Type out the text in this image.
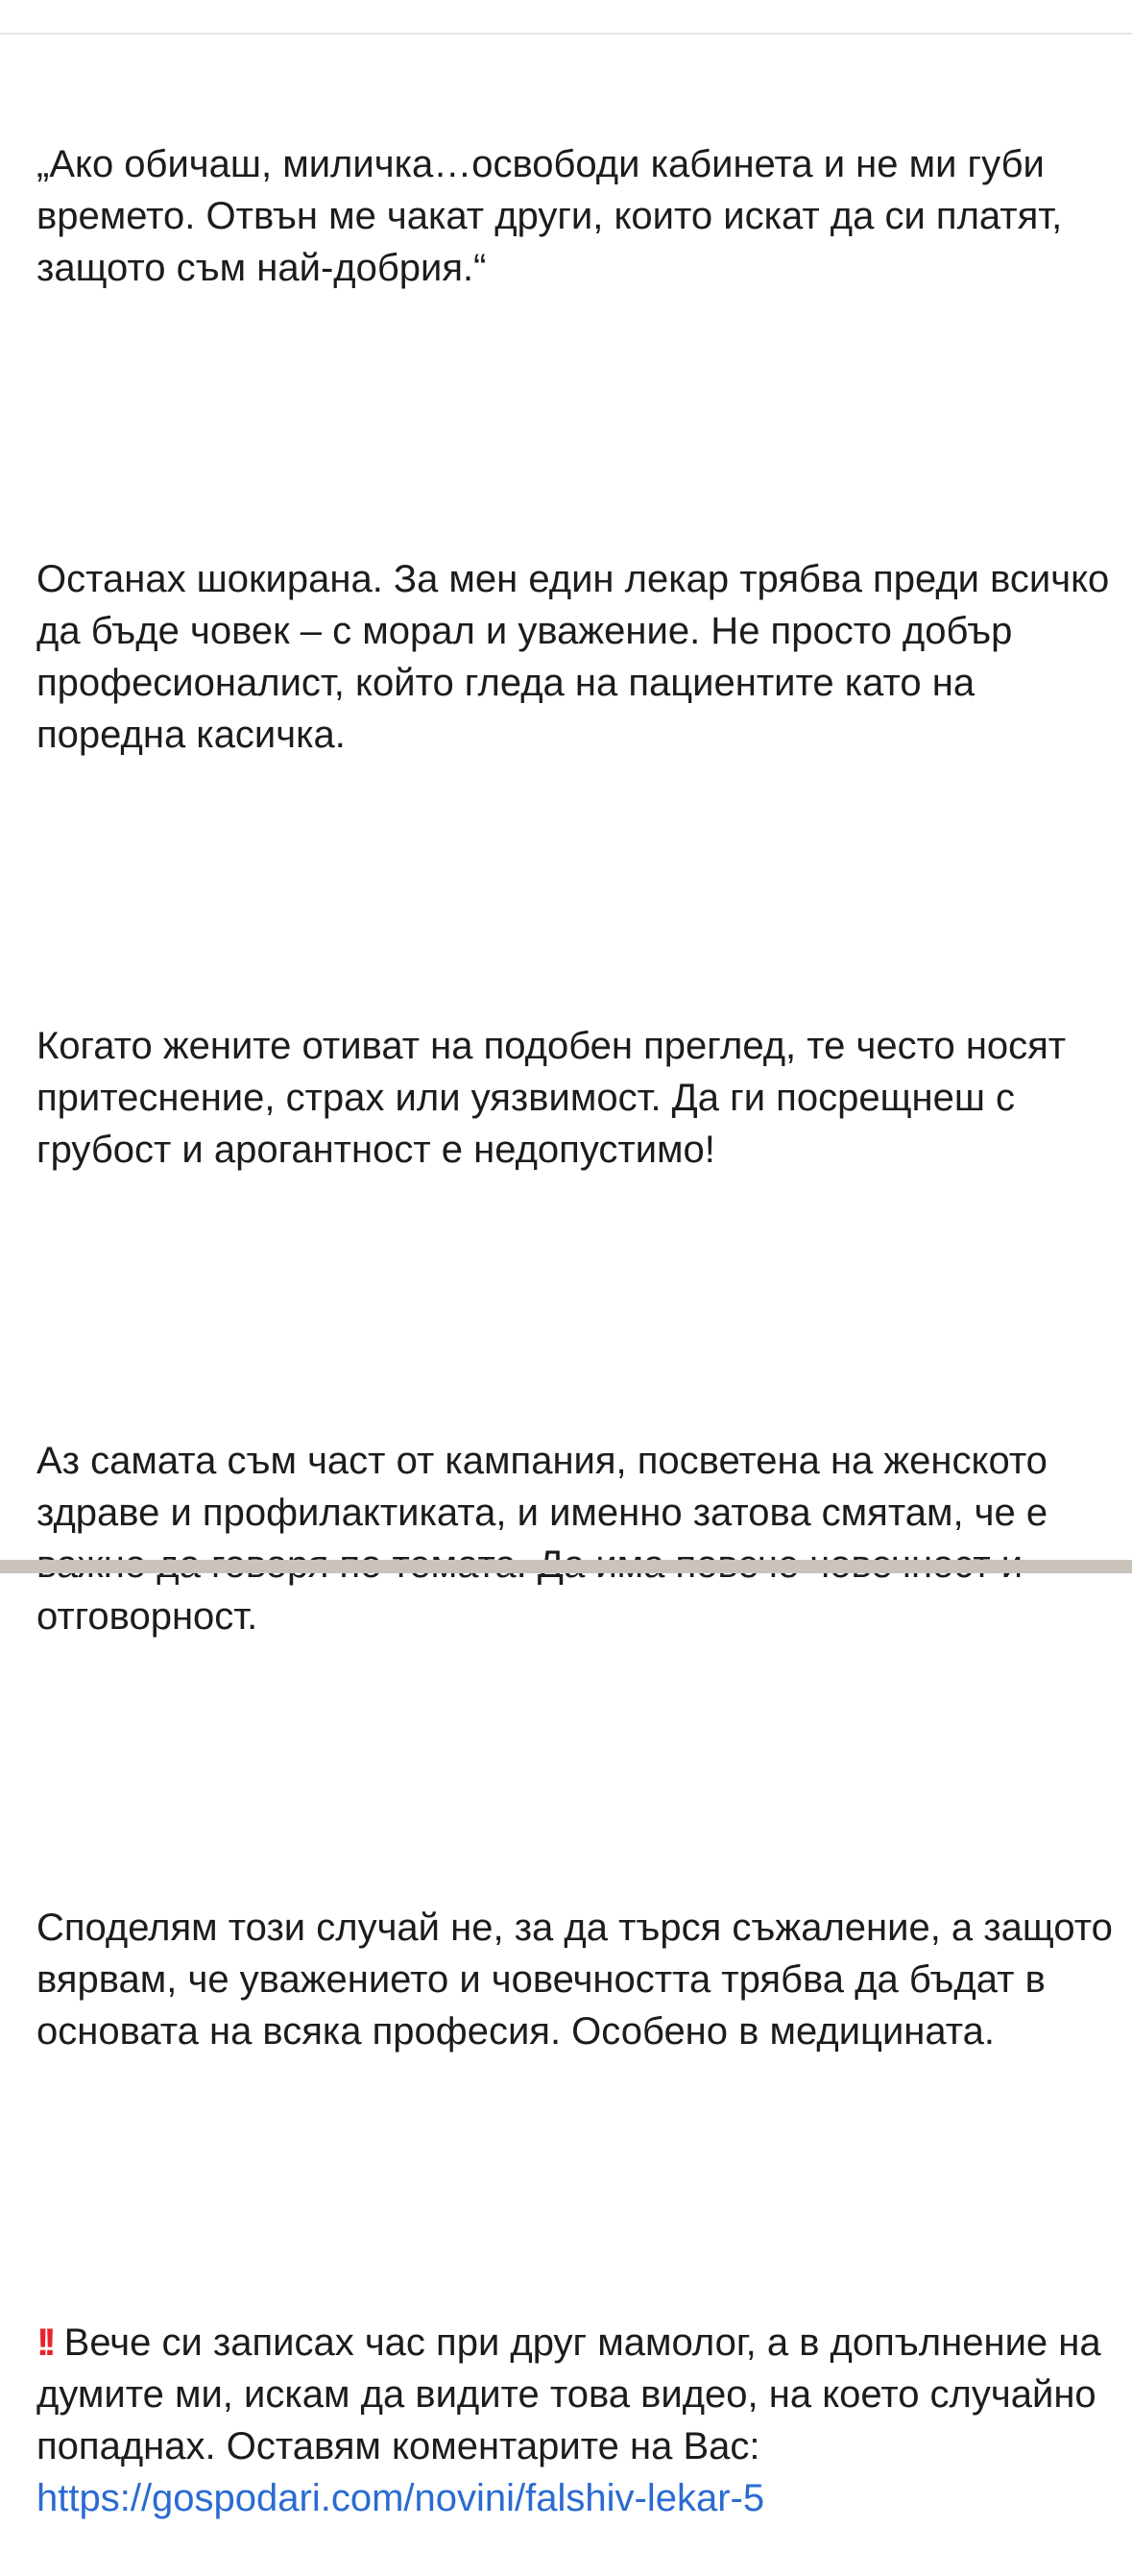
„Ако обичаш, миличка…освободи кабинета и не ми губи времето. Отвън ме чакат други, които искат да си платят, защото съм най-добрия.“

Останах шокирана. За мен един лекар трябва преди всичко да бъде човек – с морал и уважение. Не просто добър професионалист, който гледа на пациентите като на поредна касичка.

Когато жените отиват на подобен преглед, те често носят притеснение, страх или уязвимост. Да ги посрещнеш с грубост и арогантност е недопустимо!

Аз самата съм част от кампания, посветена на женското здраве и профилактиката, и именно затова смятам, че е           отговорност.

Споделям този случай не, за да търся съжаление, а защото вярвам, че уважението и човечността трябва да бъдат в основата на всяка професия. Особено в медицината.

!! Вече си записах час при друг мамолог, а в допълнение на думите ми, искам да видите това видео, на което случайно попаднах. Оставям коментарите на Вас: https://gospodari.com/novini/falshiv-lekar-5
